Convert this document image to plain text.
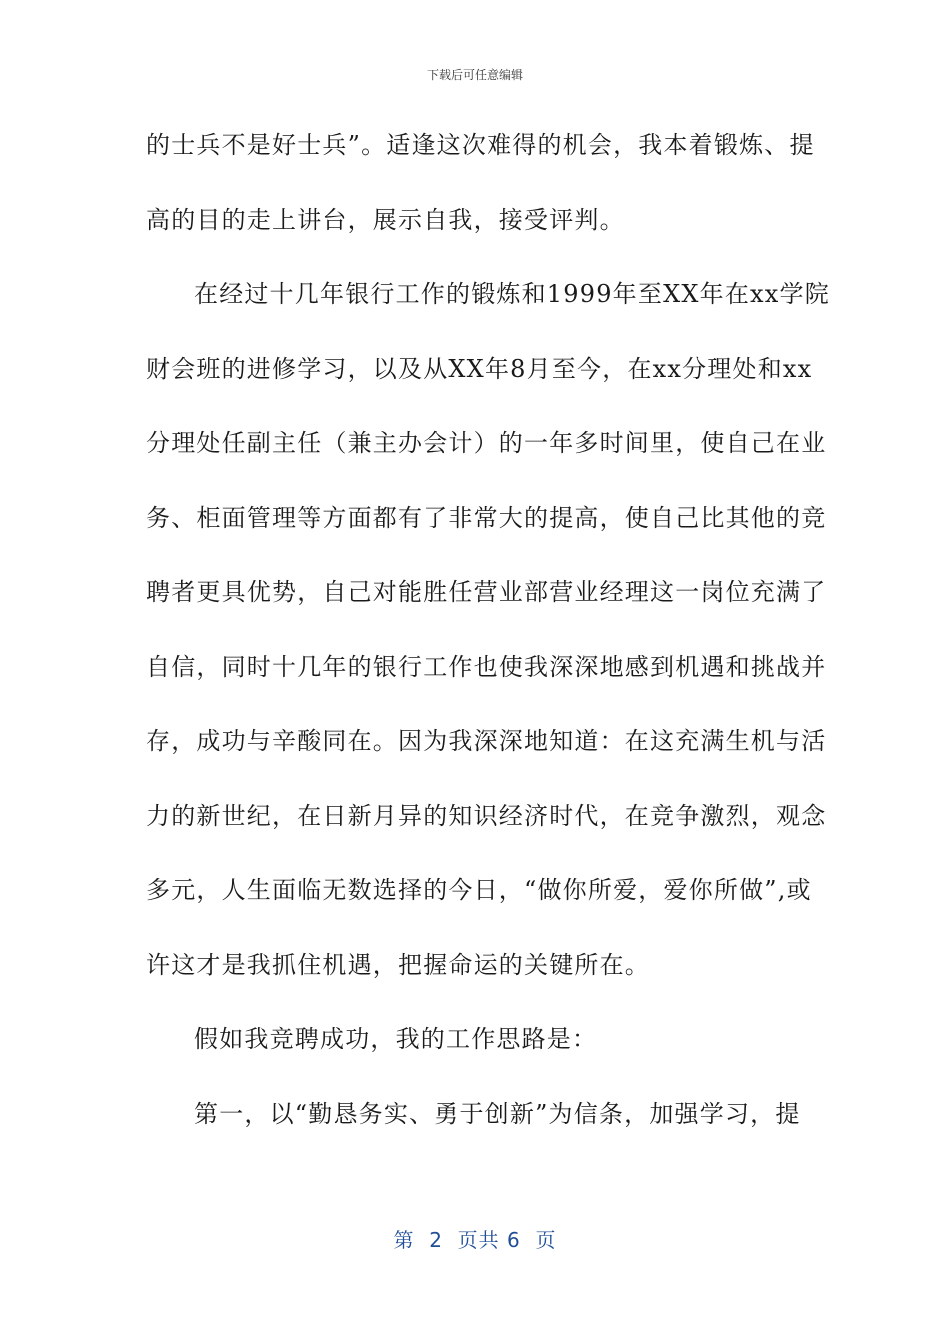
下载后可任意编辑
的士兵不是好士兵”。适逢这次难得的机会，我本着锻炼、提
高的目的走上讲台，展示自我，接受评判。
在经过十几年银行工作的锻炼和1999年至XX年在xx学院
财会班的进修学习，以及从XX年8月至今，在xx分理处和xx
分理处任副主任（兼主办会计）的一年多时间里，使自己在业
务、柜面管理等方面都有了非常大的提高，使自己比其他的竞
聘者更具优势，自己对能胜任营业部营业经理这一岗位充满了
自信，同时十几年的银行工作也使我深深地感到机遇和挑战并
存，成功与辛酸同在。因为我深深地知道：在这充满生机与活
力的新世纪，在日新月异的知识经济时代，在竞争激烈，观念
多元，人生面临无数选择的今日，“做你所爱，爱你所做”,或
许这才是我抓住机遇，把握命运的关键所在。
假如我竞聘成功，我的工作思路是：
第一，以“勤恳务实、勇于创新”为信条，加强学习，提
第  2  页共 6  页
